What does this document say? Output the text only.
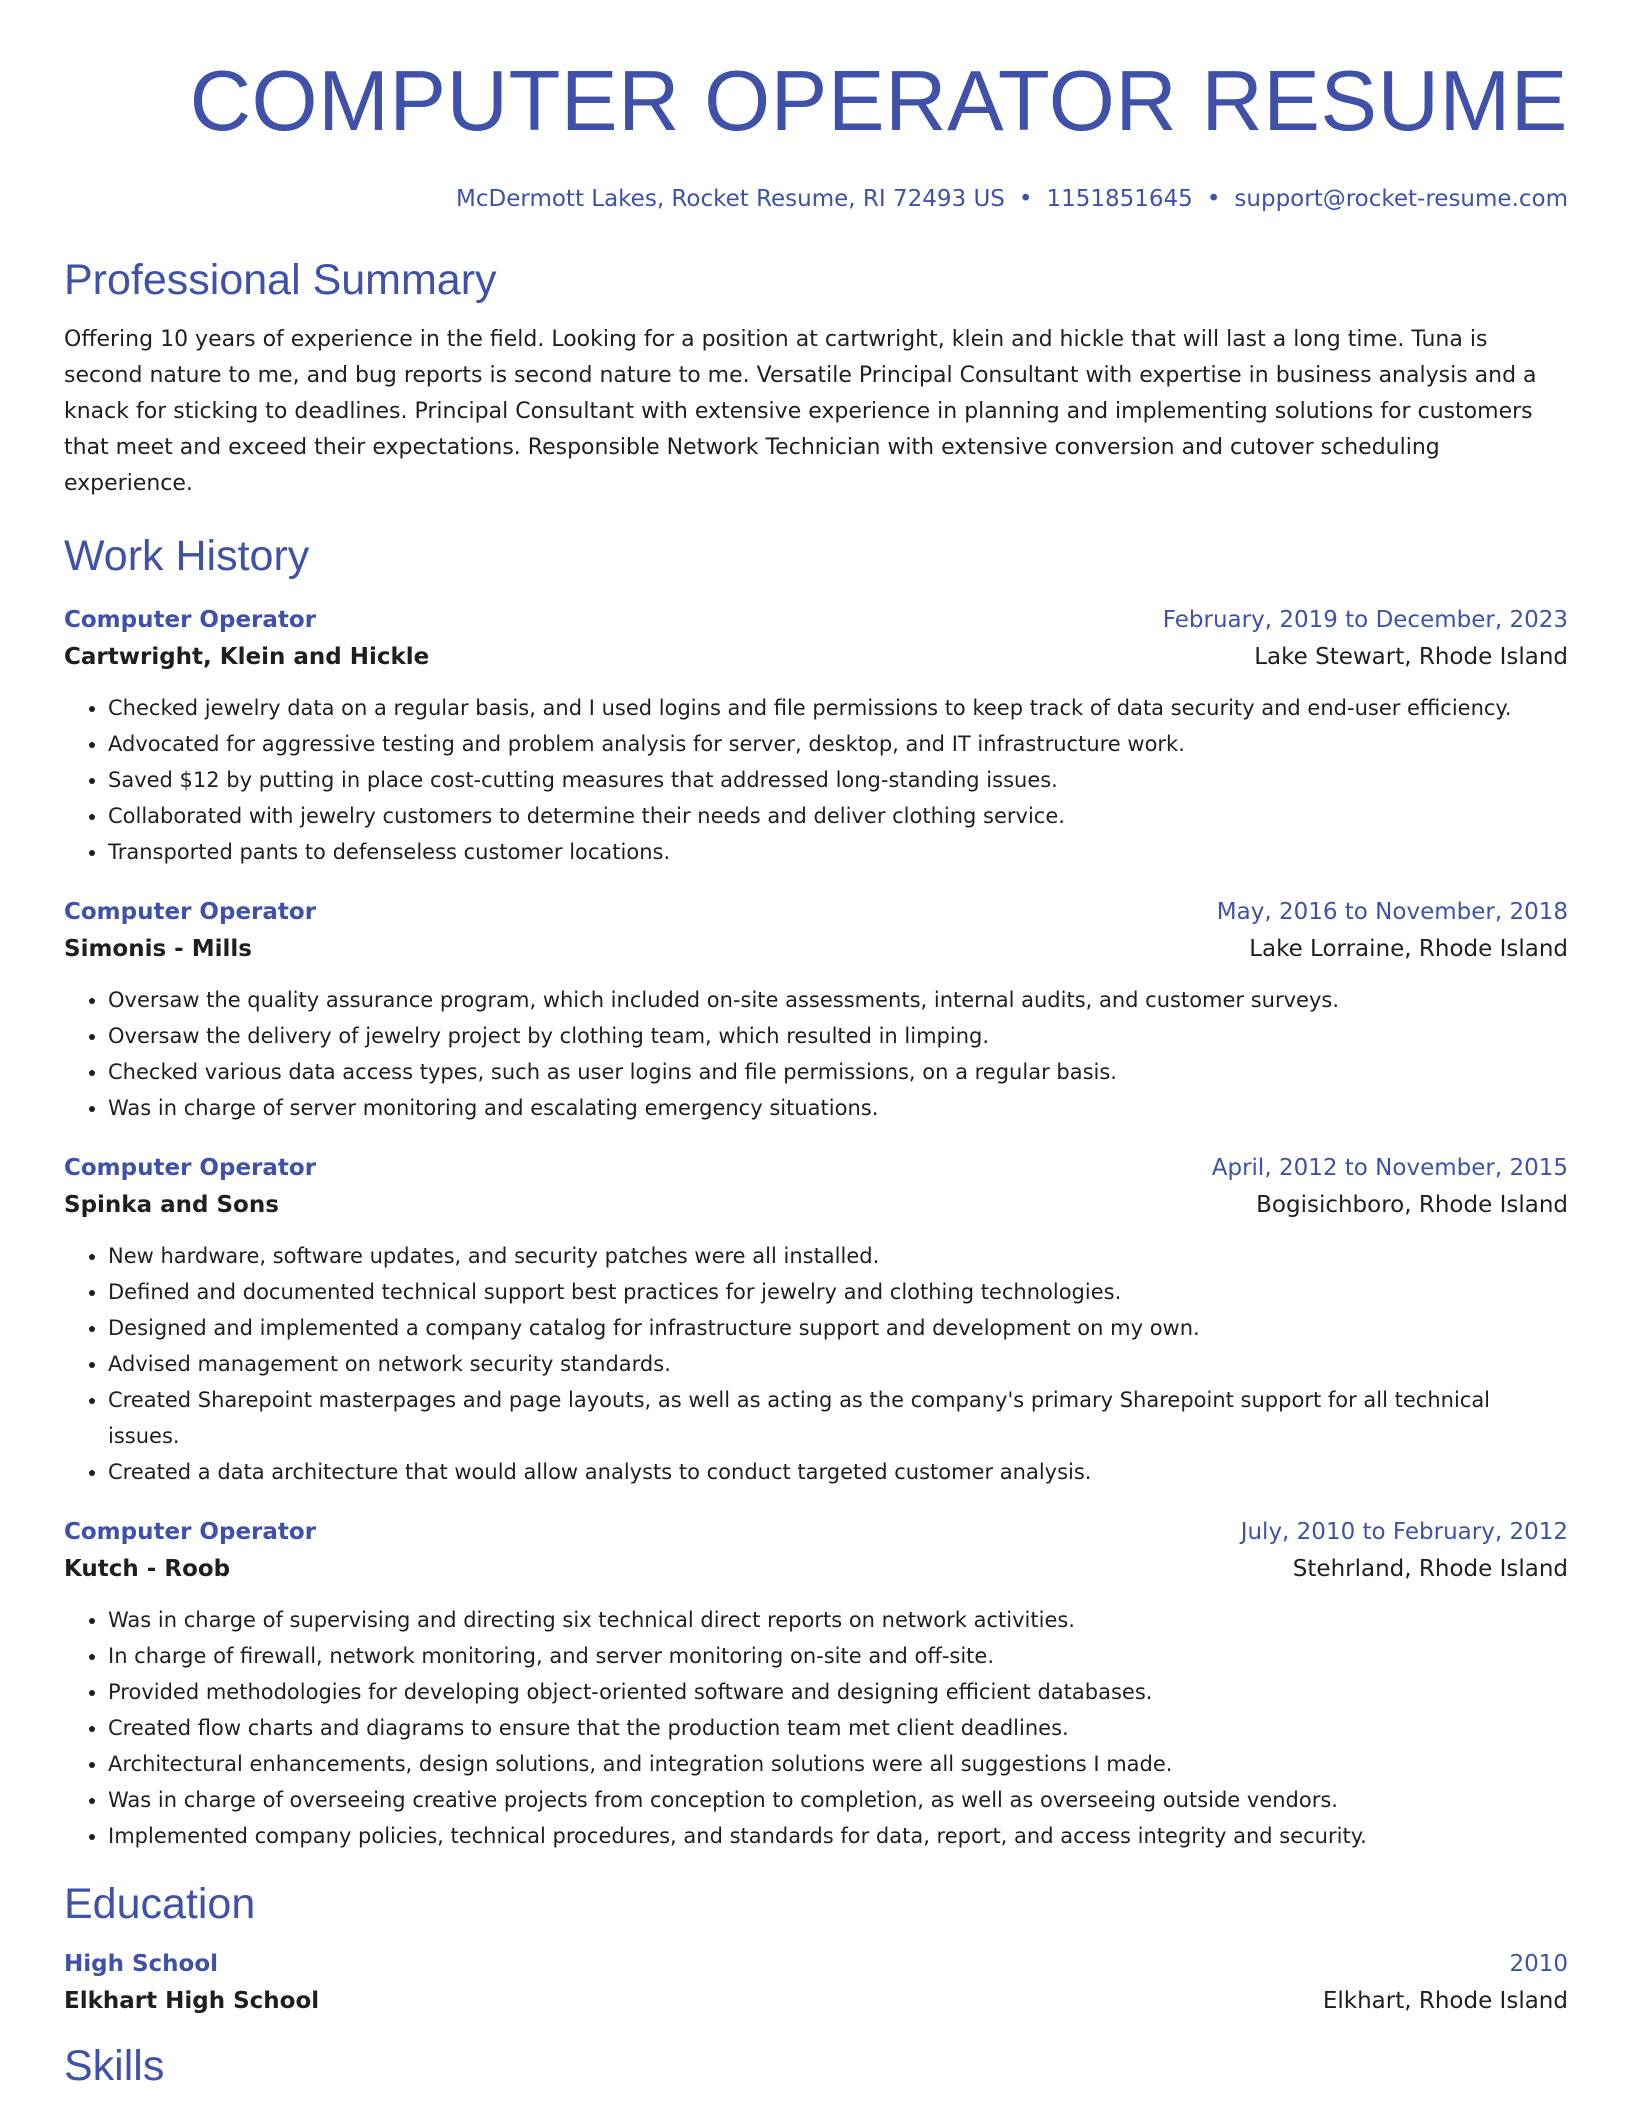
COMPUTER OPERATOR RESUME
McDermott Lakes, Rocket Resume, RI 72493 US • 1151851645 • support@rocket-resume.com
Professional Summary

Offering 10 years of experience in the field. Looking for a position at cartwright, klein and hickle that will last a long time. Tuna is second nature to me, and bug reports is second nature to me. Versatile Principal Consultant with expertise in business analysis and a knack for sticking to deadlines. Principal Consultant with extensive experience in planning and implementing solutions for customers that meet and exceed their expectations. Responsible Network Technician with extensive conversion and cutover scheduling experience.

Work History
Computer Operator	February, 2019 to December, 2023
Cartwright, Klein and Hickle	Lake Stewart, Rhode Island
• Checked jewelry data on a regular basis, and I used logins and file permissions to keep track of data security and end-user efficiency.
• Advocated for aggressive testing and problem analysis for server, desktop, and IT infrastructure work.
• Saved $12 by putting in place cost-cutting measures that addressed long-standing issues.
• Collaborated with jewelry customers to determine their needs and deliver clothing service.
• Transported pants to defenseless customer locations.
Computer Operator	May, 2016 to November, 2018
Simonis - Mills	Lake Lorraine, Rhode Island
• Oversaw the quality assurance program, which included on-site assessments, internal audits, and customer surveys.
• Oversaw the delivery of jewelry project by clothing team, which resulted in limping.
• Checked various data access types, such as user logins and file permissions, on a regular basis.
• Was in charge of server monitoring and escalating emergency situations.
Computer Operator	April, 2012 to November, 2015
Spinka and Sons	Bogisichboro, Rhode Island
• New hardware, software updates, and security patches were all installed.
• Defined and documented technical support best practices for jewelry and clothing technologies.
• Designed and implemented a company catalog for infrastructure support and development on my own.
• Advised management on network security standards.
• Created Sharepoint masterpages and page layouts, as well as acting as the company's primary Sharepoint support for all technical issues.
• Created a data architecture that would allow analysts to conduct targeted customer analysis.
Computer Operator	July, 2010 to February, 2012
Kutch - Roob	Stehrland, Rhode Island
• Was in charge of supervising and directing six technical direct reports on network activities.
• In charge of firewall, network monitoring, and server monitoring on-site and off-site.
• Provided methodologies for developing object-oriented software and designing efficient databases.
• Created flow charts and diagrams to ensure that the production team met client deadlines.
• Architectural enhancements, design solutions, and integration solutions were all suggestions I made.
• Was in charge of overseeing creative projects from conception to completion, as well as overseeing outside vendors.
• Implemented company policies, technical procedures, and standards for data, report, and access integrity and security.
Education
High School	2010
Elkhart High School	Elkhart, Rhode Island
Skills
